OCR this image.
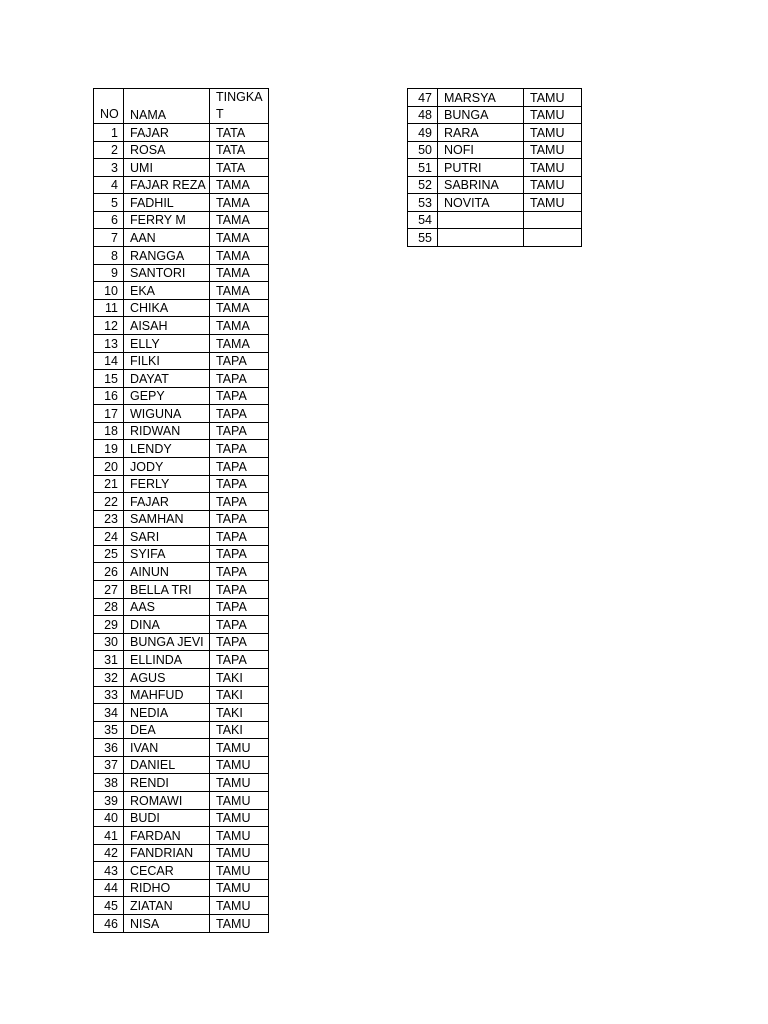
NO	NAMA	TINGKAT
1	FAJAR	TATA
2	ROSA	TATA
3	UMI	TATA
4	FAJAR REZA	TAMA
5	FADHIL	TAMA
6	FERRY M	TAMA
7	AAN	TAMA
8	RANGGA	TAMA
9	SANTORI	TAMA
10	EKA	TAMA
11	CHIKA	TAMA
12	AISAH	TAMA
13	ELLY	TAMA
14	FILKI	TAPA
15	DAYAT	TAPA
16	GEPY	TAPA
17	WIGUNA	TAPA
18	RIDWAN	TAPA
19	LENDY	TAPA
20	JODY	TAPA
21	FERLY	TAPA
22	FAJAR	TAPA
23	SAMHAN	TAPA
24	SARI	TAPA
25	SYIFA	TAPA
26	AINUN	TAPA
27	BELLA TRI	TAPA
28	AAS	TAPA
29	DINA	TAPA
30	BUNGA JEVI	TAPA
31	ELLINDA	TAPA
32	AGUS	TAKI
33	MAHFUD	TAKI
34	NEDIA	TAKI
35	DEA	TAKI
36	IVAN	TAMU
37	DANIEL	TAMU
38	RENDI	TAMU
39	ROMAWI	TAMU
40	BUDI	TAMU
41	FARDAN	TAMU
42	FANDRIAN	TAMU
43	CECAR	TAMU
44	RIDHO	TAMU
45	ZIATAN	TAMU
46	NISA	TAMU
47	MARSYA	TAMU
48	BUNGA	TAMU
49	RARA	TAMU
50	NOFI	TAMU
51	PUTRI	TAMU
52	SABRINA	TAMU
53	NOVITA	TAMU
54		
55		
